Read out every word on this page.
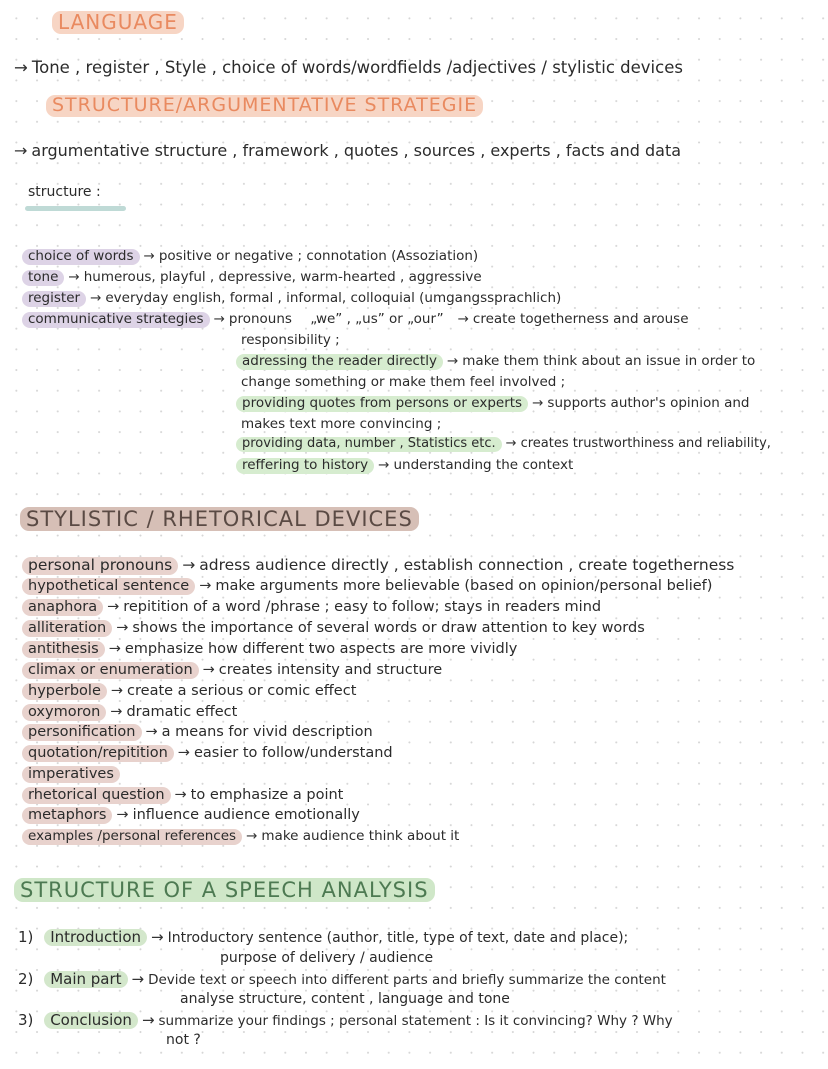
LANGUAGE
→ Tone , register , Style , choice of words/wordfields /adjectives / stylistic devices
STRUCTURE/ARGUMENTATIVE STRATEGIE
→ argumentative structure , framework , quotes , sources , experts , facts and data
structure :
choice of words → positive or negative ; connotation (Assoziation)
tone → humerous, playful , depressive, warm-hearted , aggressive
register → everyday english, formal , informal, colloquial (umgangssprachlich)
communicative strategies → pronouns „we” , „us” or „our” → create togetherness and arouse
responsibility ;
adressing the reader directly → make them think about an issue in order to
change something or make them feel involved ;
providing quotes from persons or experts → supports author's opinion and
makes text more convincing ;
providing data, number , Statistics etc. → creates trustworthiness and reliability,
reffering to history → understanding the context
STYLISTIC / RHETORICAL DEVICES
personal pronouns → adress audience directly , establish connection , create togetherness
hypothetical sentence → make arguments more believable (based on opinion/personal belief)
anaphora → repitition of a word /phrase ; easy to follow; stays in readers mind
alliteration → shows the importance of several words or draw attention to key words
antithesis → emphasize how different two aspects are more vividly
climax or enumeration → creates intensity and structure
hyperbole → create a serious or comic effect
oxymoron → dramatic effect
personification → a means for vivid description
quotation/repitition → easier to follow/understand
imperatives
rhetorical question → to emphasize a point
metaphors → influence audience emotionally
examples /personal references → make audience think about it
STRUCTURE OF A SPEECH ANALYSIS
1) Introduction → Introductory sentence (author, title, type of text, date and place);
purpose of delivery / audience
2) Main part → Devide text or speech into different parts and briefly summarize the content
analyse structure, content , language and tone
3) Conclusion → summarize your findings ; personal statement : Is it convincing? Why ? Why
not ?
